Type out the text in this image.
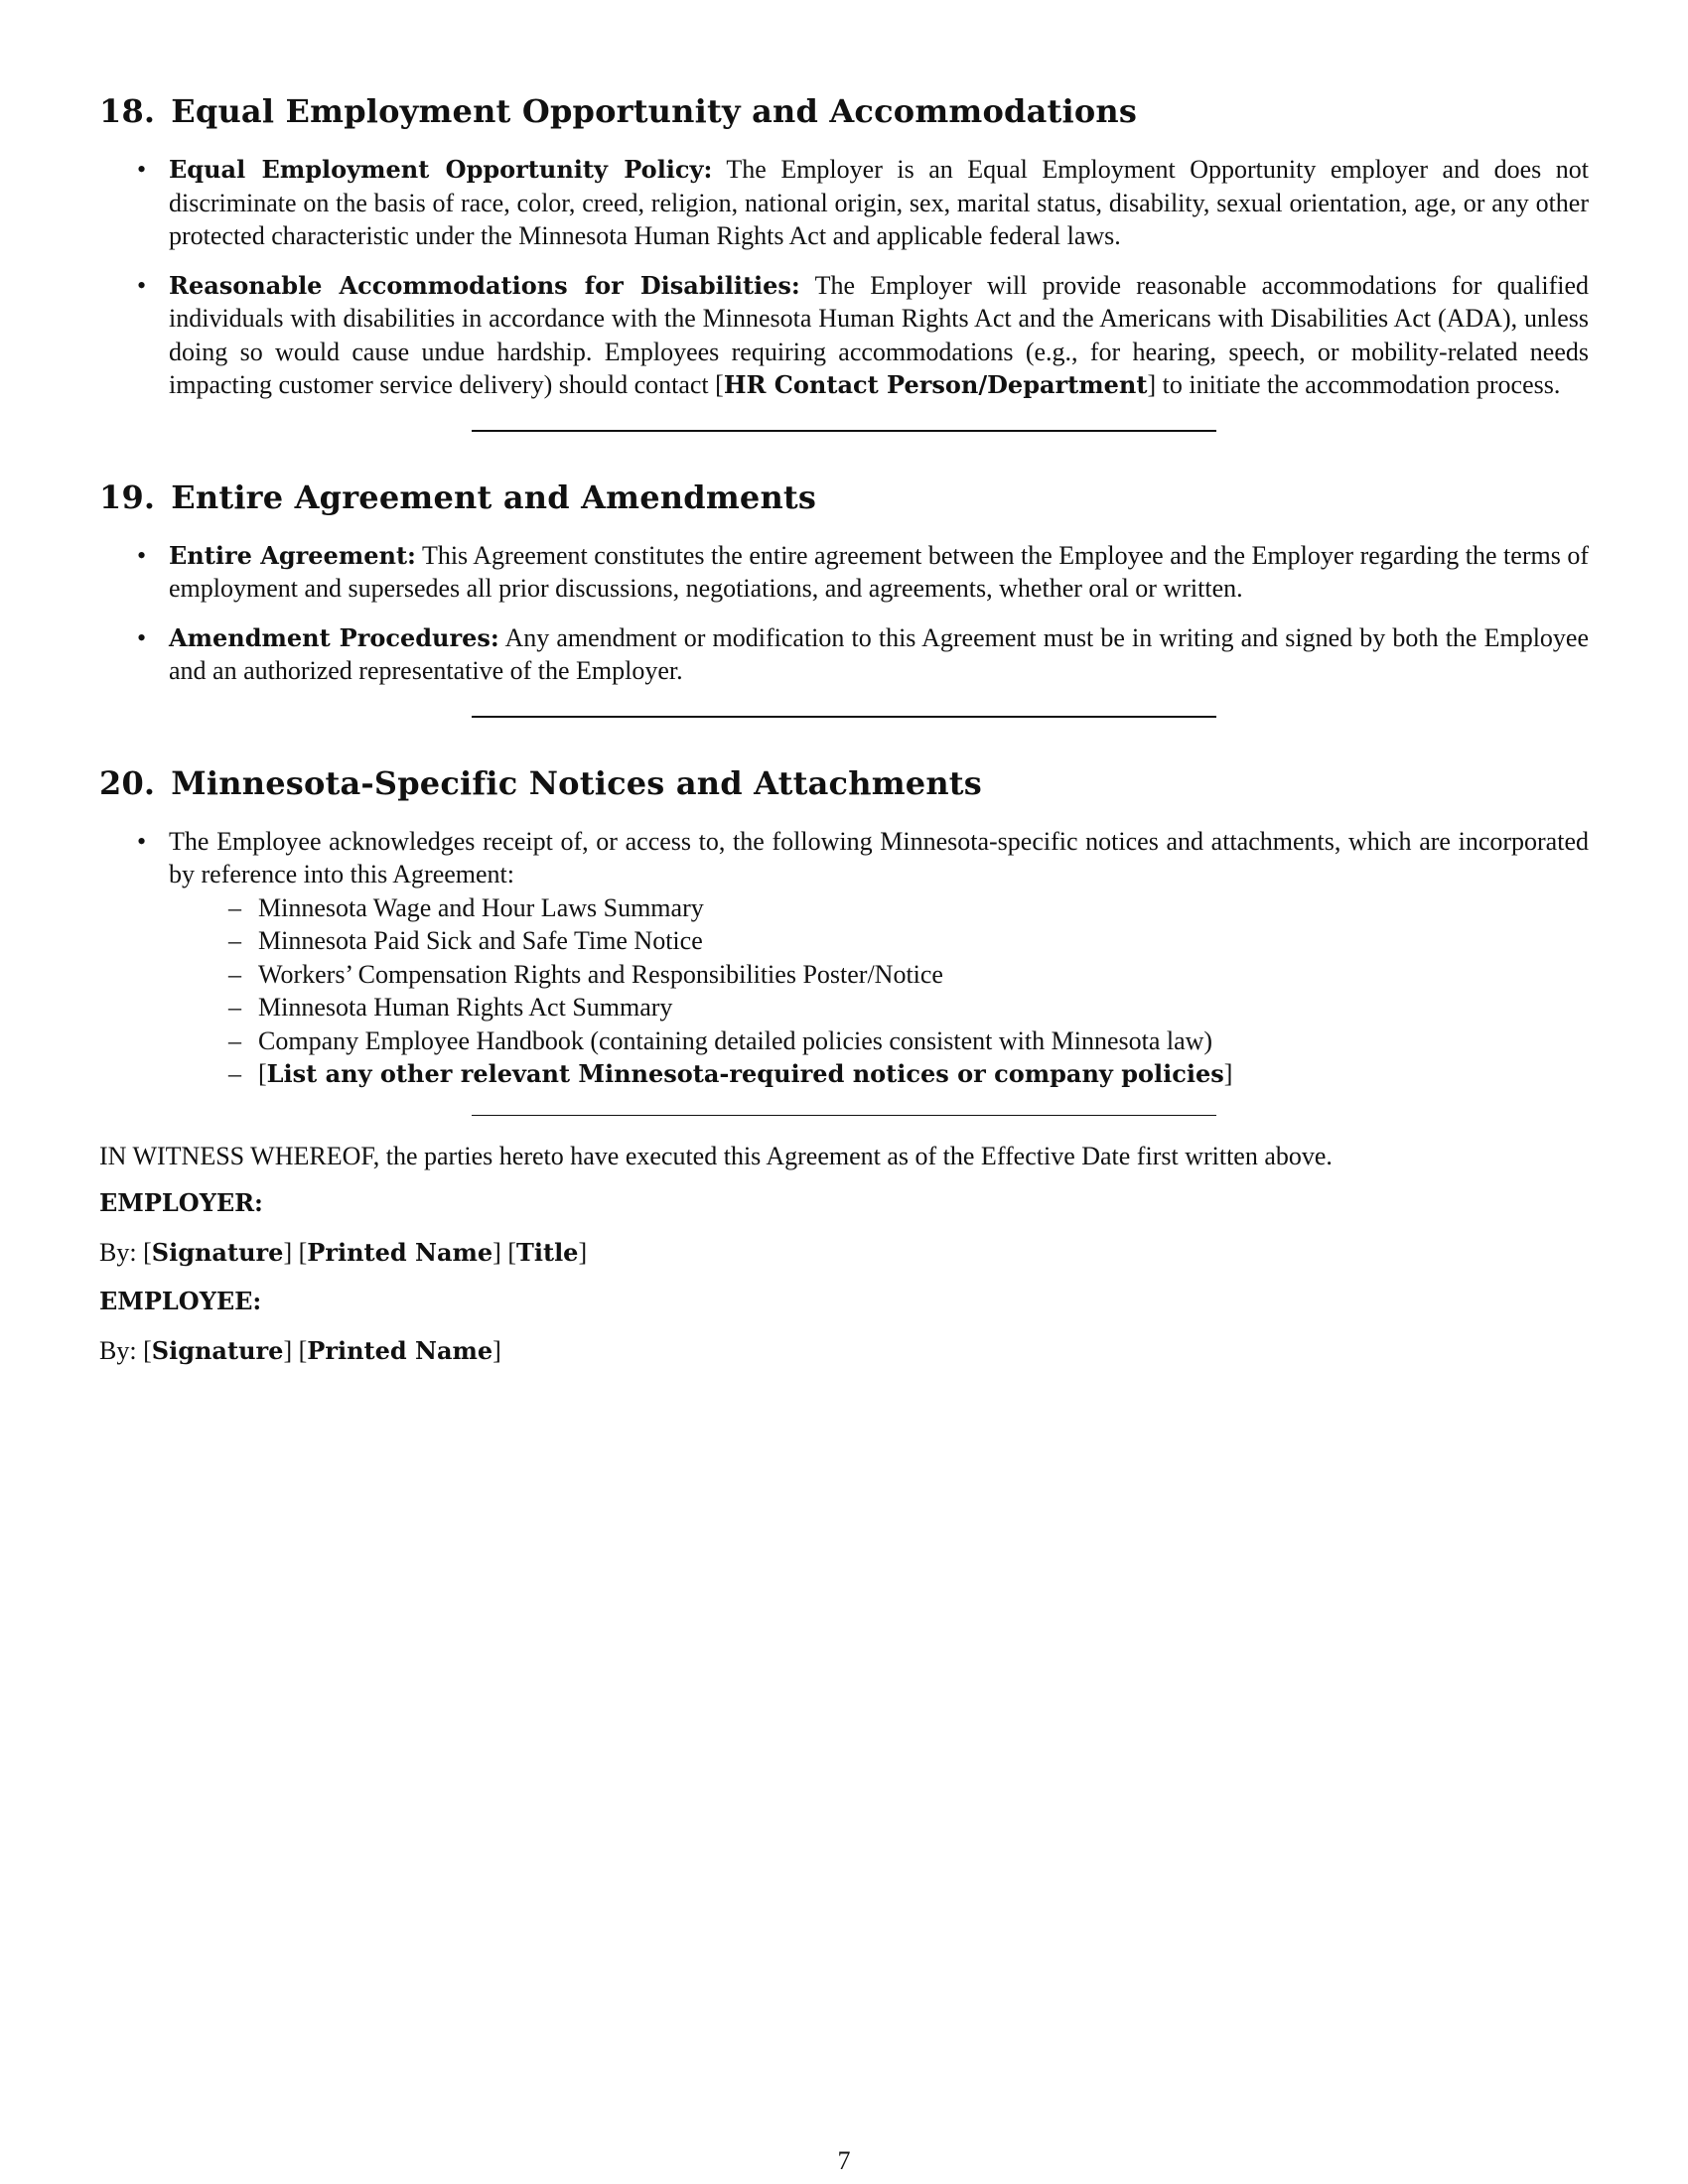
18. Equal Employment Opportunity and Accommodations
• Equal Employment Opportunity Policy: The Employer is an Equal Employment Opportunity employer and does not discriminate on the basis of race, color, creed, religion, national origin, sex, marital status, disability, sexual orientation, age, or any other protected characteristic under the Minnesota Human Rights Act and applicable federal laws.
• Reasonable Accommodations for Disabilities: The Employer will provide reasonable accommodations for qualified individuals with disabilities in accordance with the Minnesota Human Rights Act and the Americans with Disabilities Act (ADA), unless doing so would cause undue hardship. Employees requiring accommodations (e.g., for hearing, speech, or mobility-related needs impacting customer service delivery) should contact [HR Contact Person/Department] to initiate the accommodation process.
19. Entire Agreement and Amendments
• Entire Agreement: This Agreement constitutes the entire agreement between the Employee and the Employer regarding the terms of employment and supersedes all prior discussions, negotiations, and agreements, whether oral or written.
• Amendment Procedures: Any amendment or modification to this Agreement must be in writing and signed by both the Employee and an authorized representative of the Employer.
20. Minnesota-Specific Notices and Attachments
• The Employee acknowledges receipt of, or access to, the following Minnesota-specific notices and attachments, which are incorporated by reference into this Agreement:
– Minnesota Wage and Hour Laws Summary
– Minnesota Paid Sick and Safe Time Notice
– Workers’ Compensation Rights and Responsibilities Poster/Notice
– Minnesota Human Rights Act Summary
– Company Employee Handbook (containing detailed policies consistent with Minnesota law)
– [List any other relevant Minnesota-required notices or company policies]

IN WITNESS WHEREOF, the parties hereto have executed this Agreement as of the Effective Date first written above.

EMPLOYER:

By: [Signature] [Printed Name] [Title]

EMPLOYEE:

By: [Signature] [Printed Name]

7
